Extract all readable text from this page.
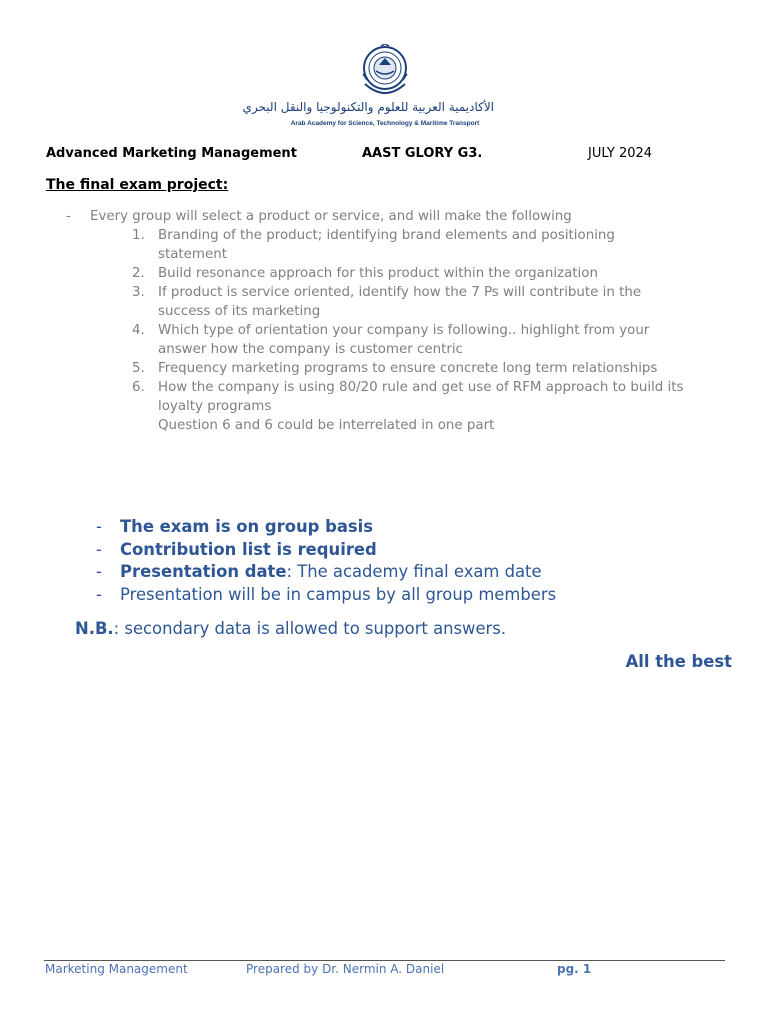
الأكاديمية العربية للعلوم والتكنولوجيا والنقل البحري
Arab Academy for Science, Technology & Maritime Transport
Advanced Marketing Management	AAST GLORY G3.	JULY 2024
The final exam project:
- Every group will select a product or service, and will make the following
1. Branding of the product; identifying brand elements and positioning
statement
2. Build resonance approach for this product within the organization
3. If product is service oriented, identify how the 7 Ps will contribute in the
success of its marketing
4. Which type of orientation your company is following.. highlight from your
answer how the company is customer centric
5. Frequency marketing programs to ensure concrete long term relationships
6. How the company is using 80/20 rule and get use of RFM approach to build its
loyalty programs
Question 6 and 6 could be interrelated in one part
- The exam is on group basis
- Contribution list is required
- Presentation date: The academy final exam date
- Presentation will be in campus by all group members
N.B.: secondary data is allowed to support answers.
All the best
Marketing Management	Prepared by Dr. Nermin A. Daniel	pg. 1
